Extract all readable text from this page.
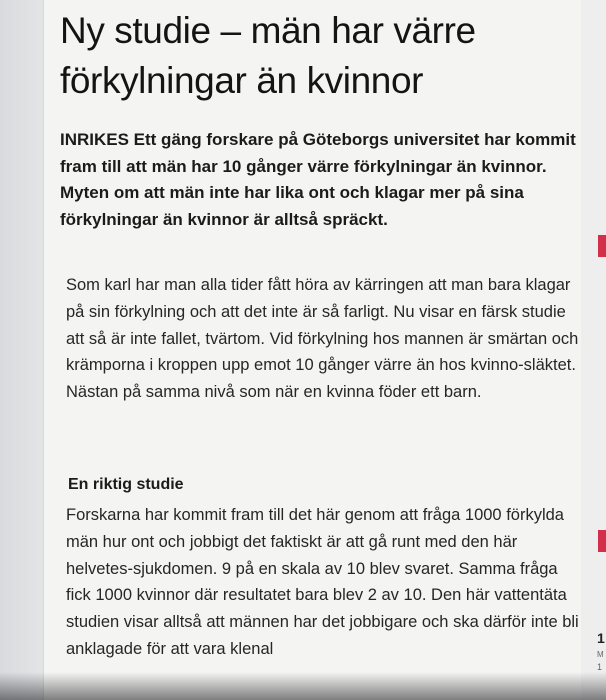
Ny studie – män har värre förkylningar än kvinnor

INRIKES Ett gäng forskare på Göteborgs universitet har kommit fram till att män har 10 gånger värre förkylningar än kvinnor. Myten om att män inte har lika ont och klagar mer på sina förkylningar än kvinnor är alltså spräckt.

Som karl har man alla tider fått höra av kärringen att man bara klagar på sin förkylning och att det inte är så farligt. Nu visar en färsk studie att så är inte fallet, tvärtom. Vid förkylning hos mannen är smärtan och krämporna i kroppen upp emot 10 gånger värre än hos kvinno-släktet. Nästan på samma nivå som när en kvinna föder ett barn.

En riktig studie

Forskarna har kommit fram till det här genom att fråga 1000 förkylda män hur ont och jobbigt det faktiskt är att gå runt med den här helvetes-sjukdomen. 9 på en skala av 10 blev svaret. Samma fråga fick 1000 kvinnor där resultatet bara blev 2 av 10. Den här vattentäta studien visar alltså att männen har det jobbigare och ska därför inte bli anklagade för att vara klenal

1
M
1
